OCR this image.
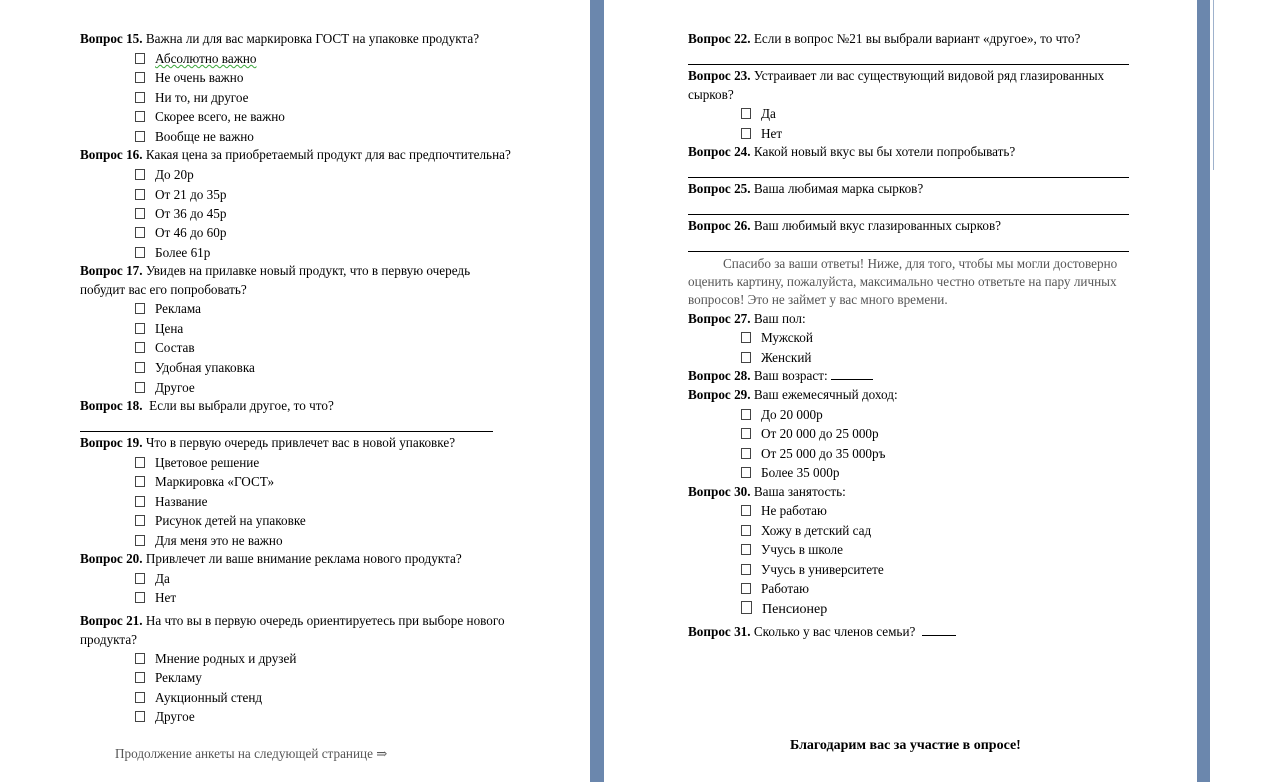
Вопрос 15. Важна ли для вас маркировка ГОСТ на упаковке продукта?
Абсолютно важно
Не очень важно
Ни то, ни другое
Скорее всего, не важно
Вообще не важно
Вопрос 16. Какая цена за приобретаемый продукт для вас предпочтительна?
До 20р
От 21 до 35р
От 36 до 45р
От 46 до 60р
Более 61р
Вопрос 17. Увидев на прилавке новый продукт, что в первую очередь
побудит вас его попробовать?
Реклама
Цена
Состав
Удобная упаковка
Другое
Вопрос 18. Если вы выбрали другое, то что?
Вопрос 19. Что в первую очередь привлечет вас в новой упаковке?
Цветовое решение
Маркировка «ГОСТ»
Название
Рисунок детей на упаковке
Для меня это не важно
Вопрос 20. Привлечет ли ваше внимание реклама нового продукта?
Да
Нет
Вопрос 21. На что вы в первую очередь ориентируетесь при выборе нового
продукта?
Мнение родных и друзей
Рекламу
Аукционный стенд
Другое
Продолжение анкеты на следующей странице ⇒
Вопрос 22. Если в вопрос №21 вы выбрали вариант «другое», то что?
Вопрос 23. Устраивает ли вас существующий видовой ряд глазированных
сырков?
Да
Нет
Вопрос 24. Какой новый вкус вы бы хотели попробывать?
Вопрос 25. Ваша любимая марка сырков?
Вопрос 26. Ваш любимый вкус глазированных сырков?
Спасибо за ваши ответы! Ниже, для того, чтобы мы могли достоверно
оценить картину, пожалуйста, максимально честно ответьте на пару личных
вопросов! Это не займет у вас много времени.
Вопрос 27. Ваш пол:
Мужской
Женский
Вопрос 28. Ваш возраст:
Вопрос 29. Ваш ежемесячный доход:
До 20 000р
От 20 000 до 25 000р
От 25 000 до 35 000ръ
Более 35 000р
Вопрос 30. Ваша занятость:
Не работаю
Хожу в детский сад
Учусь в школе
Учусь в университете
Работаю
Пенсионер
Вопрос 31. Сколько у вас членов семьи?
Благодарим вас за участие в опросе!
